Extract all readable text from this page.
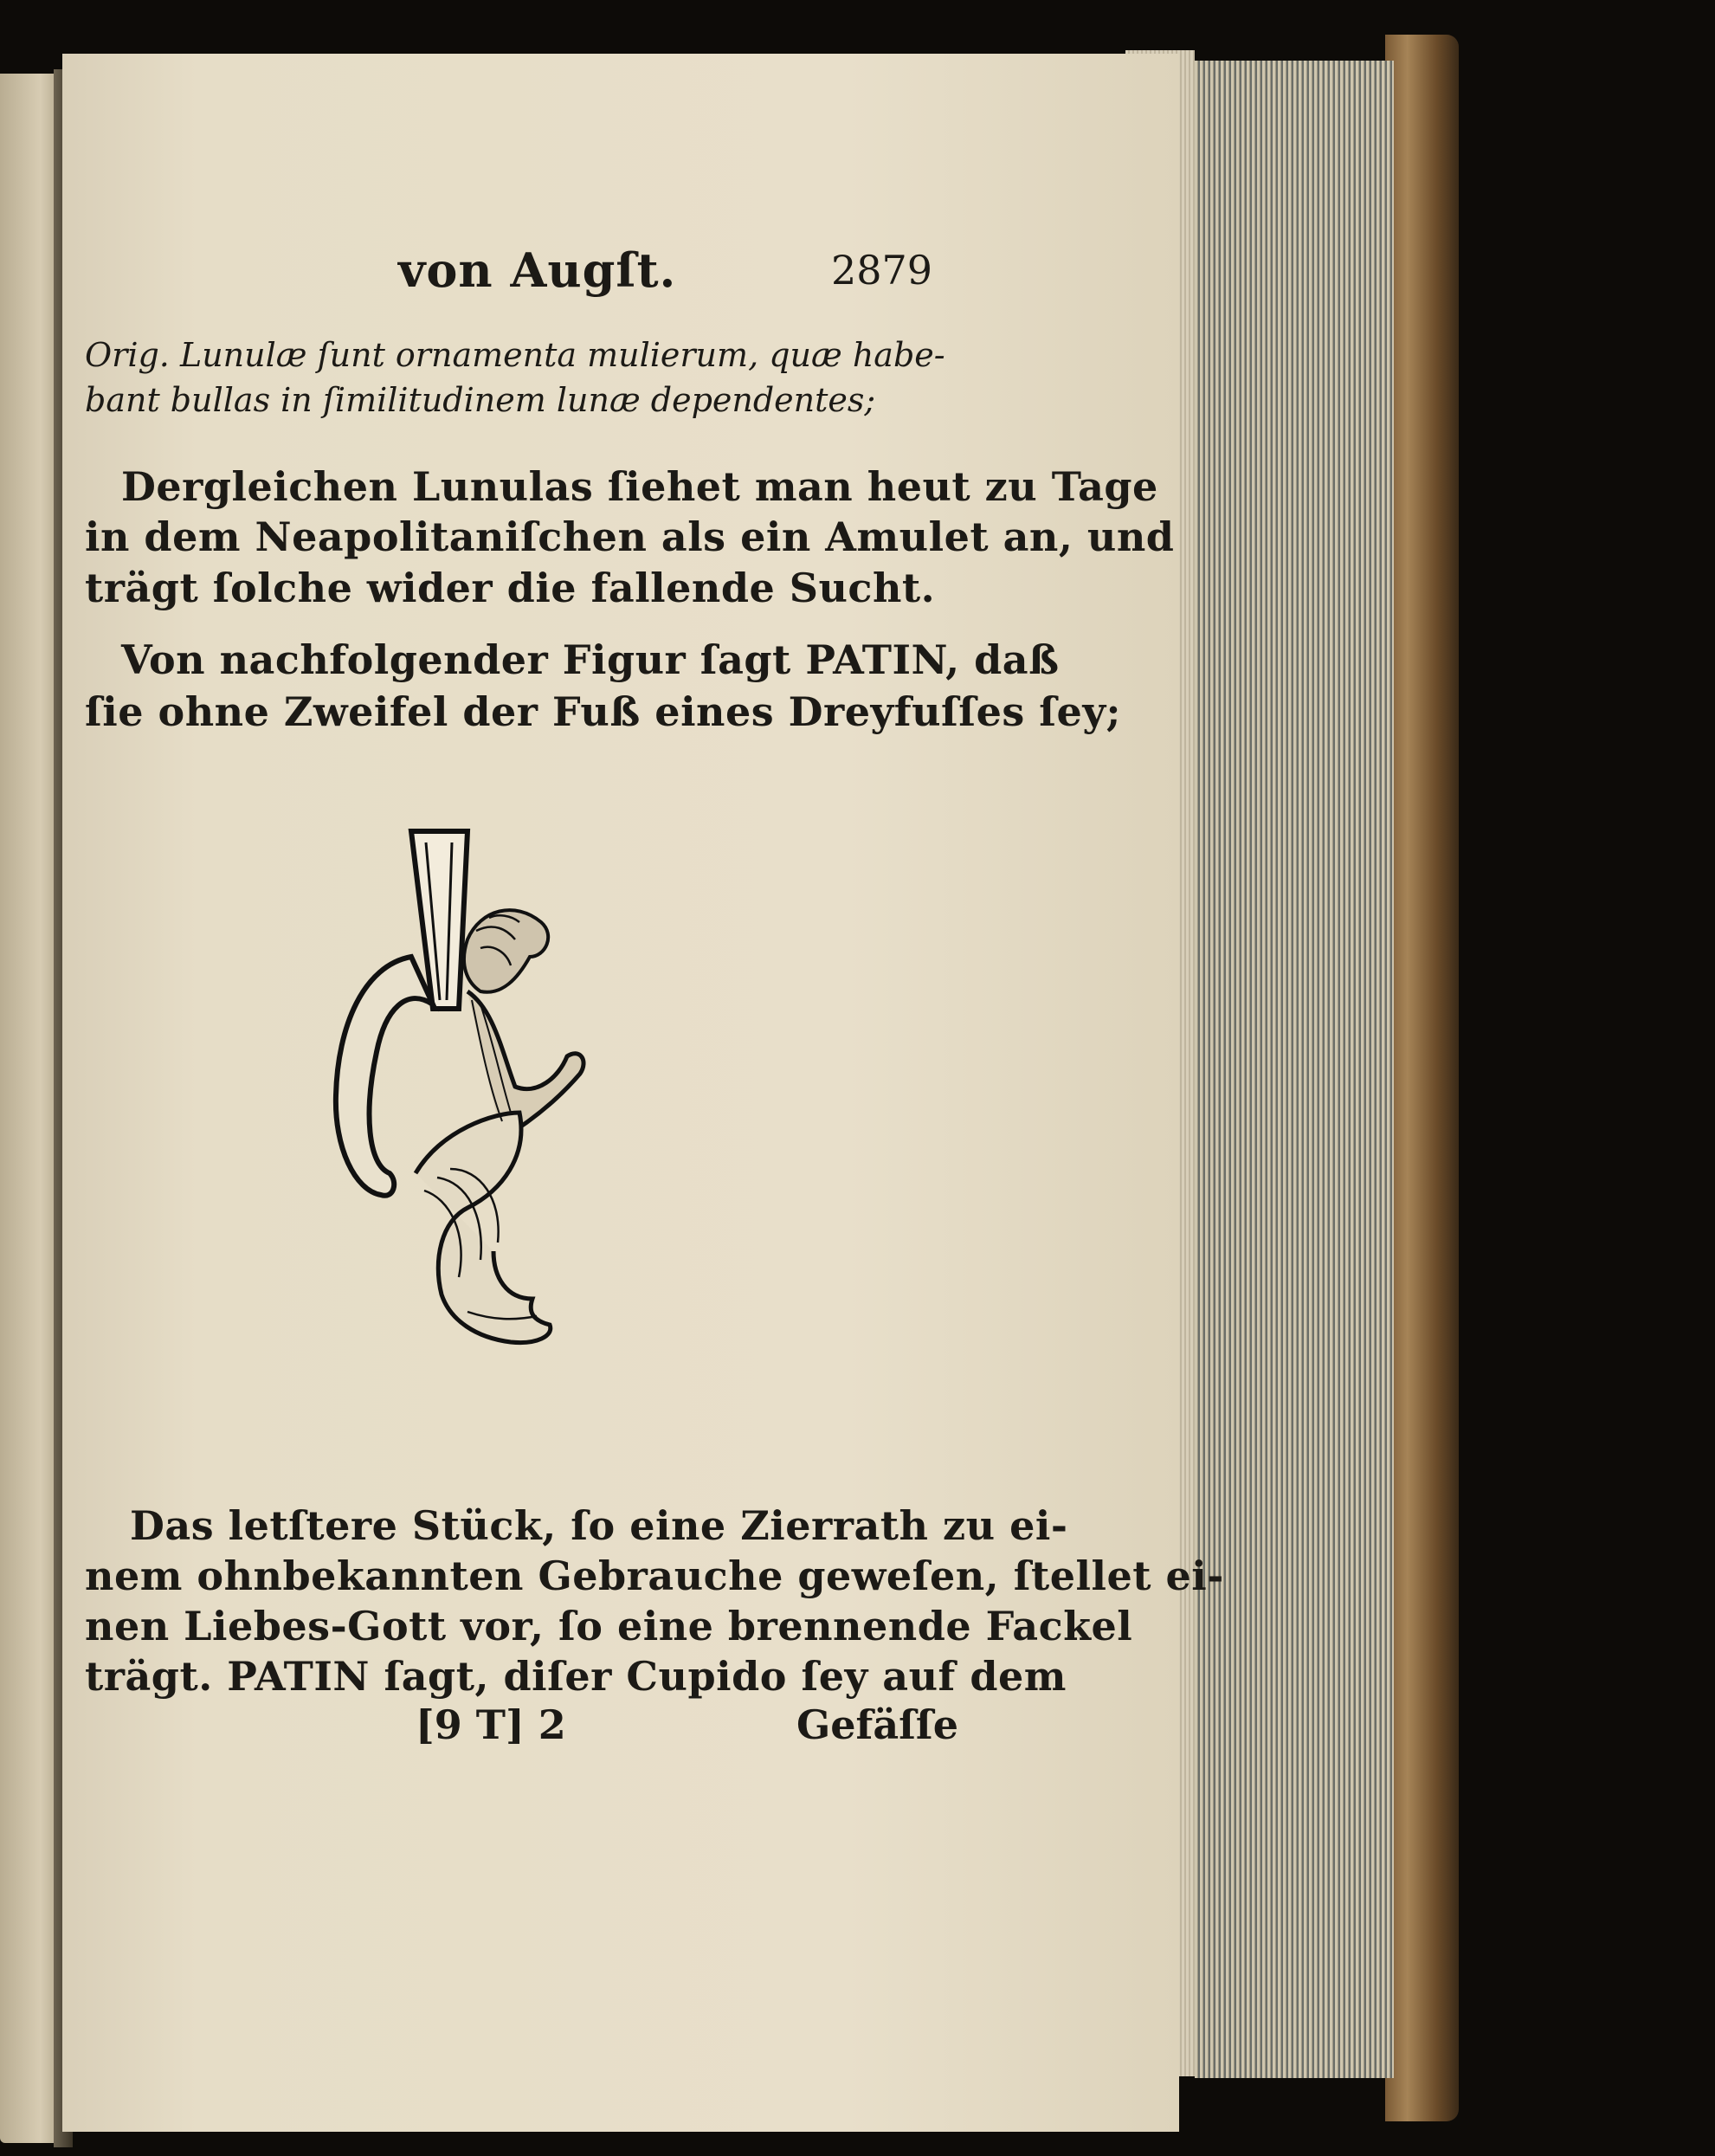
von Augſt.	2879
Orig. Lunulæ ſunt ornamenta mulierum, quæ habe-
bant bullas in ſimilitudinem lunæ dependentes;
Dergleichen Lunulas ſiehet man heut zu Tage
in dem Neapolitaniſchen als ein Amulet an, und
trägt ſolche wider die fallende Sucht.
Von nachfolgender Figur ſagt PATIN, daß
ſie ohne Zweifel der Fuß eines Dreyfuſſes ſey;
Das letſtere Stück, ſo eine Zierrath zu ei-
nem ohnbekannten Gebrauche geweſen, ſtellet ei-
nen Liebes-Gott vor, ſo eine brennende Fackel
trägt. PATIN ſagt, diſer Cupido ſey auf dem
[9 T] 2	Gefäſſe
